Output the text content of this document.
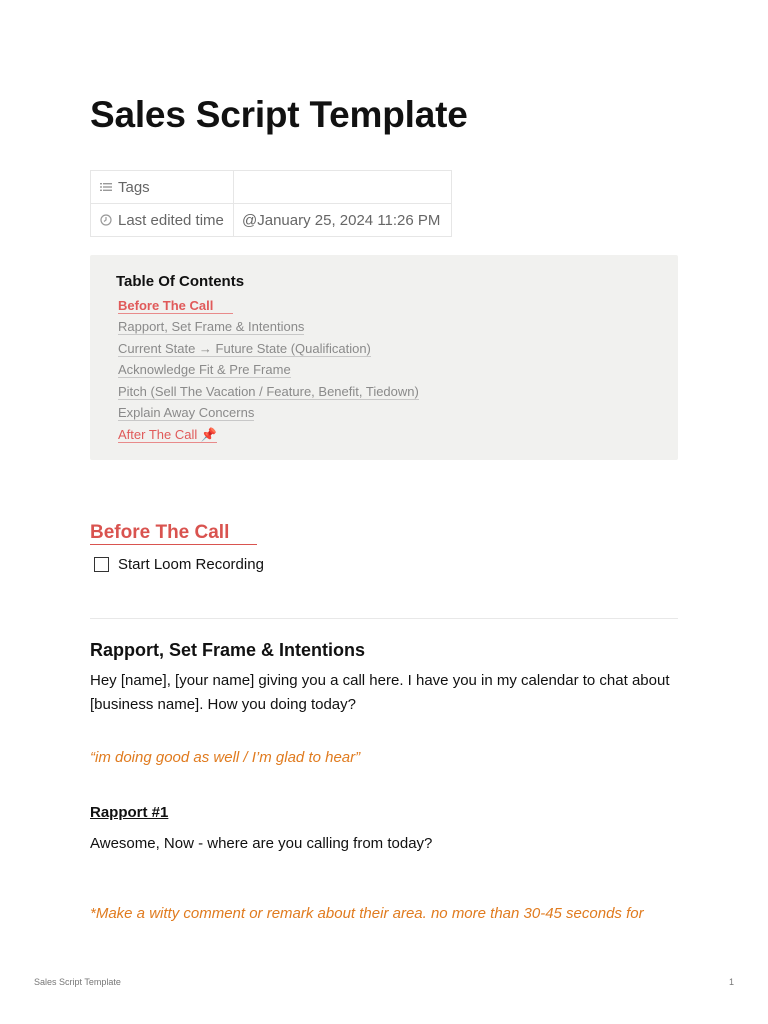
Sales Script Template
Tags	
Last edited time	@January 25, 2024 11:26 PM
Table Of Contents
Before The Call
Rapport, Set Frame & Intentions
Current State → Future State (Qualification)
Acknowledge Fit & Pre Frame
Pitch (Sell The Vacation / Feature, Benefit, Tiedown)
Explain Away Concerns
After The Call 📌
Before The Call
Start Loom Recording
Rapport, Set Frame & Intentions

Hey [name], [your name] giving you a call here. I have you in my calendar to chat about [business name]. How you doing today?

“im doing good as well / I’m glad to hear”

Rapport #1

Awesome, Now - where are you calling from today?

*Make a witty comment or remark about their area. no more than 30-45 seconds for

Sales Script Template	1
